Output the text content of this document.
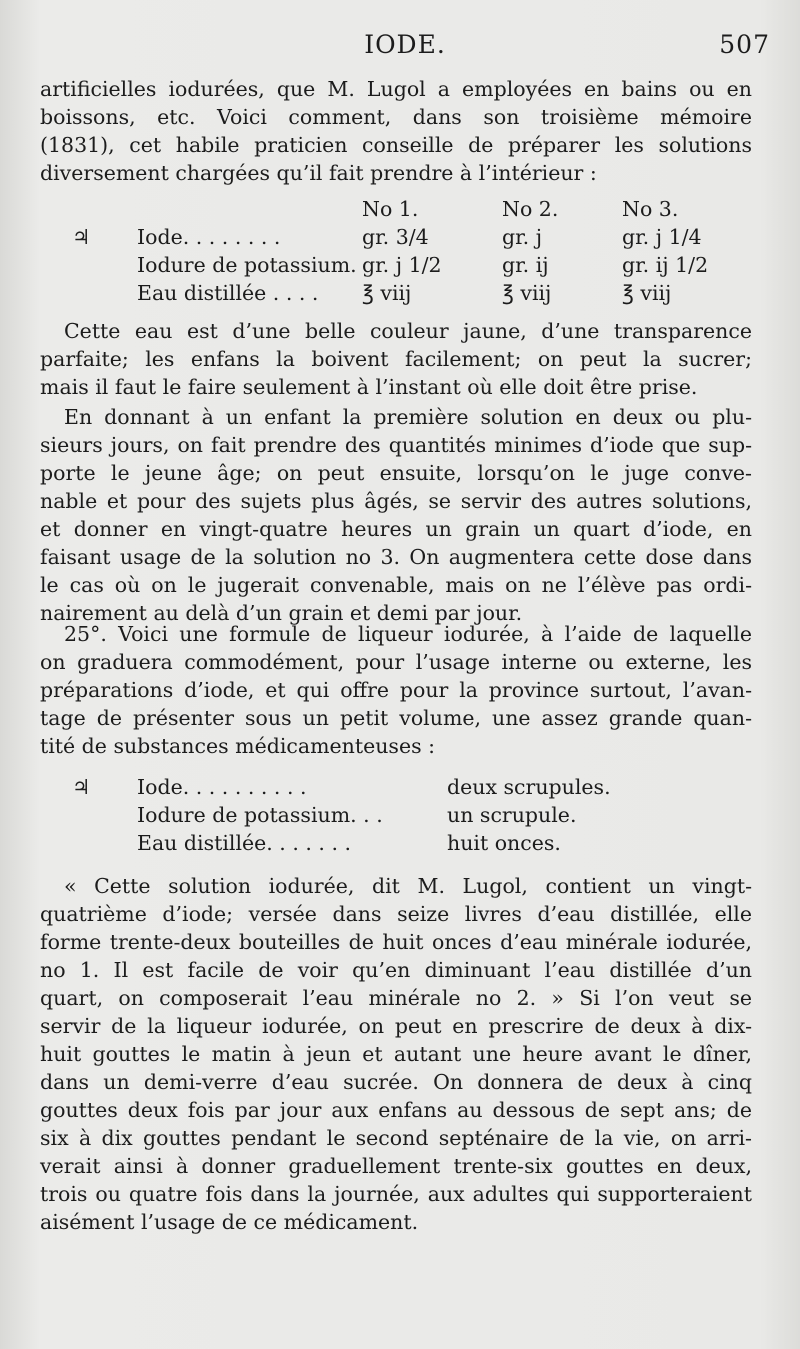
IODE.	507
artificielles iodurées, que M. Lugol a employées en bains ou en
boissons, etc. Voici comment, dans son troisième mémoire
(1831), cet habile praticien conseille de préparer les solutions
diversement chargées qu’il fait prendre à l’intérieur :
		No 1.	No 2.	No 3.
♃	Iode. . . . . . . .	gr. 3/4	gr. j	gr. j 1/4
	Iodure de potassium.	gr. j 1/2	gr. ij	gr. ij 1/2
	Eau distillée . . . .	℥ viij	℥ viij	℥ viij
Cette eau est d’une belle couleur jaune, d’une transparence
parfaite; les enfans la boivent facilement; on peut la sucrer;
mais il faut le faire seulement à l’instant où elle doit être prise.
En donnant à un enfant la première solution en deux ou plu-
sieurs jours, on fait prendre des quantités minimes d’iode que sup-
porte le jeune âge; on peut ensuite, lorsqu’on le juge conve-
nable et pour des sujets plus âgés, se servir des autres solutions,
et donner en vingt-quatre heures un grain un quart d’iode, en
faisant usage de la solution no 3. On augmentera cette dose dans
le cas où on le jugerait convenable, mais on ne l’élève pas ordi-
nairement au delà d’un grain et demi par jour.
25°. Voici une formule de liqueur iodurée, à l’aide de laquelle
on graduera commodément, pour l’usage interne ou externe, les
préparations d’iode, et qui offre pour la province surtout, l’avan-
tage de présenter sous un petit volume, une assez grande quan-
tité de substances médicamenteuses :
♃	Iode. . . . . . . . . .	deux scrupules.
	Iodure de potassium. . .	un scrupule.
	Eau distillée. . . . . . .	huit onces.
« Cette solution iodurée, dit M. Lugol, contient un vingt-
quatrième d’iode; versée dans seize livres d’eau distillée, elle
forme trente-deux bouteilles de huit onces d’eau minérale iodurée,
no 1. Il est facile de voir qu’en diminuant l’eau distillée d’un
quart, on composerait l’eau minérale no 2. » Si l’on veut se
servir de la liqueur iodurée, on peut en prescrire de deux à dix-
huit gouttes le matin à jeun et autant une heure avant le dîner,
dans un demi-verre d’eau sucrée. On donnera de deux à cinq
gouttes deux fois par jour aux enfans au dessous de sept ans; de
six à dix gouttes pendant le second septénaire de la vie, on arri-
verait ainsi à donner graduellement trente-six gouttes en deux,
trois ou quatre fois dans la journée, aux adultes qui supporteraient
aisément l’usage de ce médicament.
